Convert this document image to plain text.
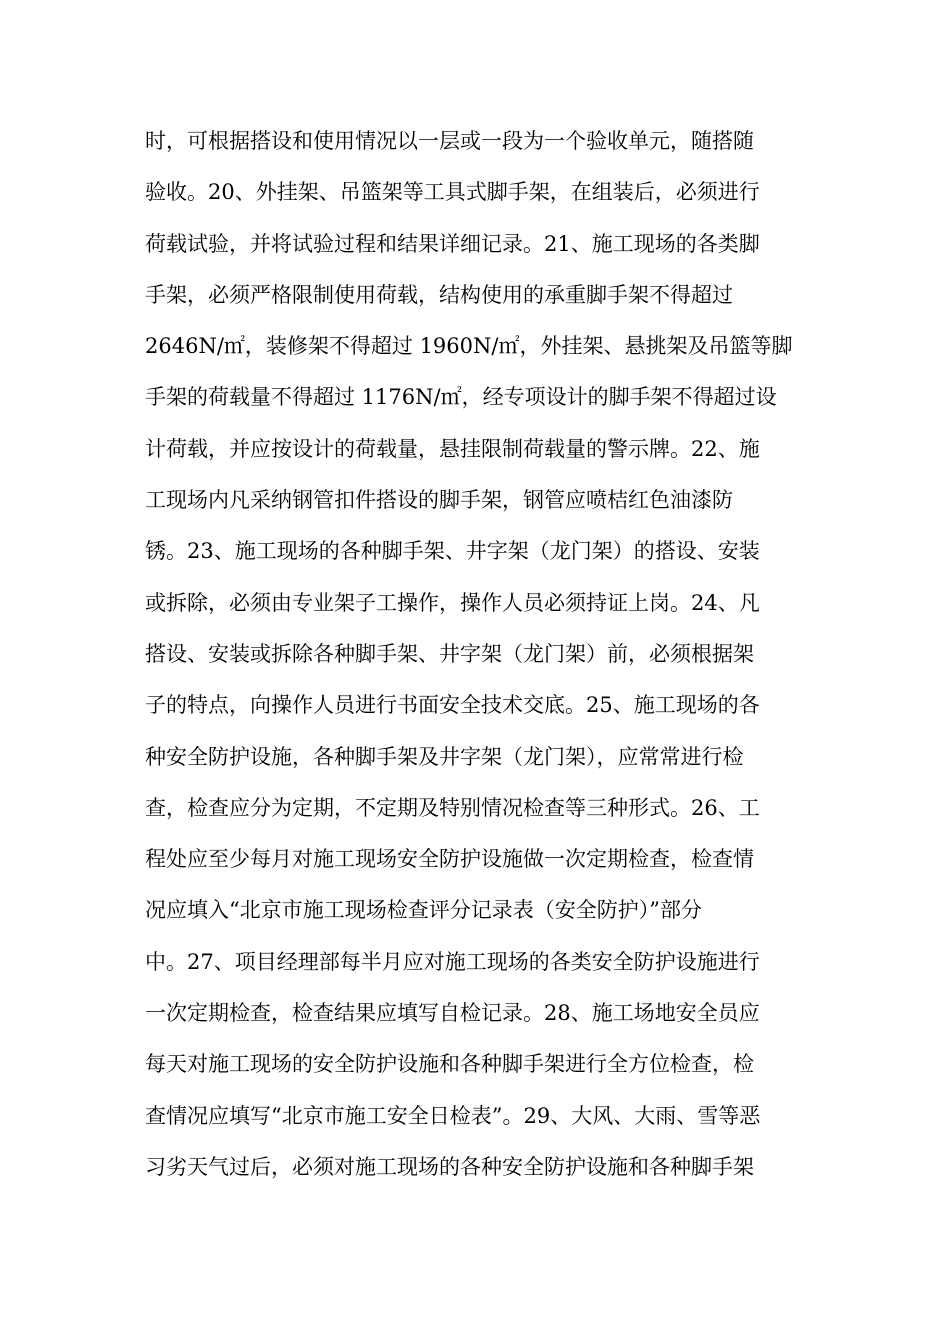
时，可根据搭设和使用情况以一层或一段为一个验收单元，随搭随
验收。20、外挂架、吊篮架等工具式脚手架，在组装后，必须进行
荷载试验，并将试验过程和结果详细记录。21、施工现场的各类脚
手架，必须严格限制使用荷载，结构使用的承重脚手架不得超过
2646N/㎡，装修架不得超过 1960N/㎡，外挂架、悬挑架及吊篮等脚
手架的荷载量不得超过 1176N/㎡，经专项设计的脚手架不得超过设
计荷载，并应按设计的荷载量，悬挂限制荷载量的警示牌。22、施
工现场内凡采纳钢管扣件搭设的脚手架，钢管应喷桔红色油漆防
锈。23、施工现场的各种脚手架、井字架（龙门架）的搭设、安装
或拆除，必须由专业架子工操作，操作人员必须持证上岗。24、凡
搭设、安装或拆除各种脚手架、井字架（龙门架）前，必须根据架
子的特点，向操作人员进行书面安全技术交底。25、施工现场的各
种安全防护设施，各种脚手架及井字架（龙门架），应常常进行检
查，检查应分为定期，不定期及特别情况检查等三种形式。26、工
程处应至少每月对施工现场安全防护设施做一次定期检查，检查情
况应填入“北京市施工现场检查评分记录表（安全防护）”部分
中。27、项目经理部每半月应对施工现场的各类安全防护设施进行
一次定期检查，检查结果应填写自检记录。28、施工场地安全员应
每天对施工现场的安全防护设施和各种脚手架进行全方位检查，检
查情况应填写“北京市施工安全日检表”。29、大风、大雨、雪等恶
习劣天气过后，必须对施工现场的各种安全防护设施和各种脚手架
